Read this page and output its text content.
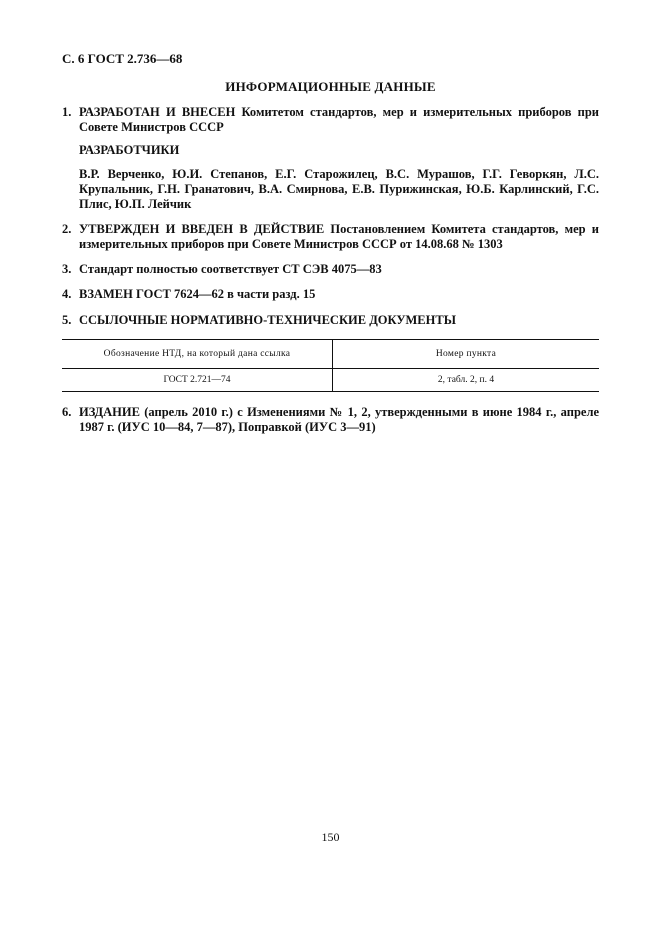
С. 6 ГОСТ 2.736—68
ИНФОРМАЦИОННЫЕ ДАННЫЕ
1. РАЗРАБОТАН И ВНЕСЕН Комитетом стандартов, мер и измерительных приборов при Совете Министров СССР
РАЗРАБОТЧИКИ
В.Р. Верченко, Ю.И. Степанов, Е.Г. Старожилец, В.С. Мурашов, Г.Г. Геворкян, Л.С. Крупальник, Г.Н. Гранатович, В.А. Смирнова, Е.В. Пурижинская, Ю.Б. Карлинский, Г.С. Плис, Ю.П. Лейчик
2. УТВЕРЖДЕН И ВВЕДЕН В ДЕЙСТВИЕ Постановлением Комитета стандартов, мер и измерительных приборов при Совете Министров СССР от 14.08.68 № 1303
3. Стандарт полностью соответствует СТ СЭВ 4075—83
4. ВЗАМЕН ГОСТ 7624—62 в части разд. 15
5. ССЫЛОЧНЫЕ НОРМАТИВНО-ТЕХНИЧЕСКИЕ ДОКУМЕНТЫ
Обозначение НТД, на который дана ссылка	Номер пункта
ГОСТ 2.721—74	2, табл. 2, п. 4
6. ИЗДАНИЕ (апрель 2010 г.) с Изменениями № 1, 2, утвержденными в июне 1984 г., апреле 1987 г. (ИУС 10—84, 7—87), Поправкой (ИУС 3—91)
150
